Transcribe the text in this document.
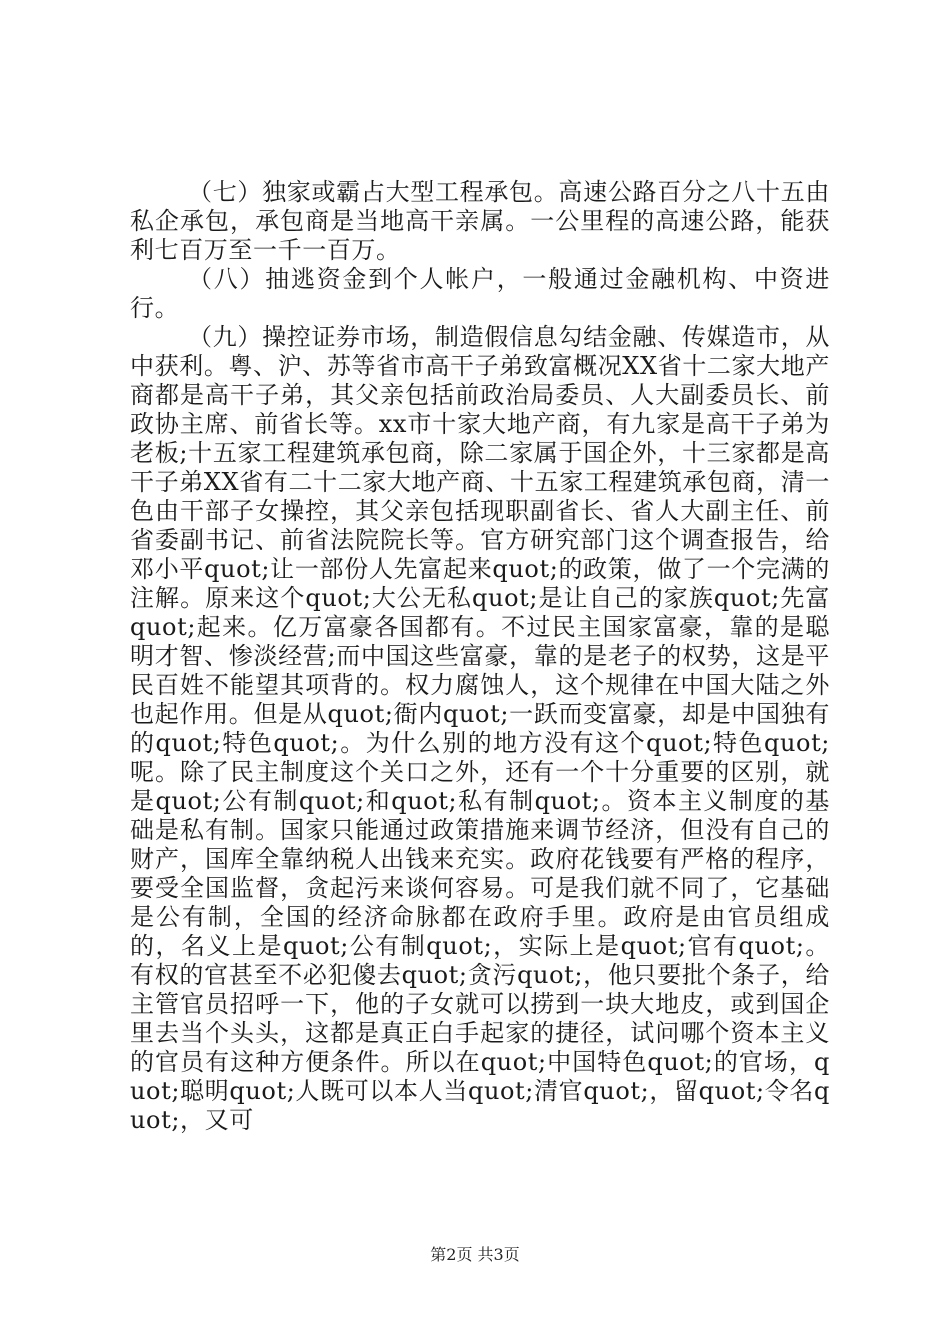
（七）独家或霸占大型工程承包。高速公路百分之八十五由私企承包，承包商是当地高干亲属。一公里程的高速公路，能获利七百万至一千一百万。

（八）抽逃资金到个人帐户，一般通过金融机构、中资进行。

（九）操控证券市场，制造假信息勾结金融、传媒造市，从中获利。粤、沪、苏等省市高干子弟致富概况XX省十二家大地产商都是高干子弟，其父亲包括前政治局委员、人大副委员长、前政协主席、前省长等。xx市十家大地产商，有九家是高干子弟为老板;十五家工程建筑承包商，除二家属于国企外，十三家都是高干子弟XX省有二十二家大地产商、十五家工程建筑承包商，清一色由干部子女操控，其父亲包括现职副省长、省人大副主任、前省委副书记、前省法院院长等。官方研究部门这个调查报告，给邓小平quot;让一部份人先富起来quot;的政策，做了一个完满的注解。原来这个quot;大公无私quot;是让自己的家族quot;先富quot;起来。亿万富豪各国都有。不过民主国家富豪，靠的是聪明才智、惨淡经营;而中国这些富豪，靠的是老子的权势，这是平民百姓不能望其项背的。权力腐蚀人，这个规律在中国大陆之外也起作用。但是从quot;衙内quot;一跃而变富豪，却是中国独有的quot;特色quot;。为什么别的地方没有这个quot;特色quot;呢。除了民主制度这个关口之外，还有一个十分重要的区别，就是quot;公有制quot;和quot;私有制quot;。资本主义制度的基础是私有制。国家只能通过政策措施来调节经济，但没有自己的财产，国库全靠纳税人出钱来充实。政府花钱要有严格的程序，要受全国监督，贪起污来谈何容易。可是我们就不同了，它基础是公有制，全国的经济命脉都在政府手里。政府是由官员组成的，名义上是quot;公有制quot;，实际上是quot;官有quot;。有权的官甚至不必犯傻去quot;贪污quot;，他只要批个条子，给主管官员招呼一下，他的子女就可以捞到一块大地皮，或到国企里去当个头头，这都是真正白手起家的捷径，试问哪个资本主义的官员有这种方便条件。所以在quot;中国特色quot;的官场，quot;聪明quot;人既可以本人当quot;清官quot;，留quot;令名quot;，又可

第2页 共3页
